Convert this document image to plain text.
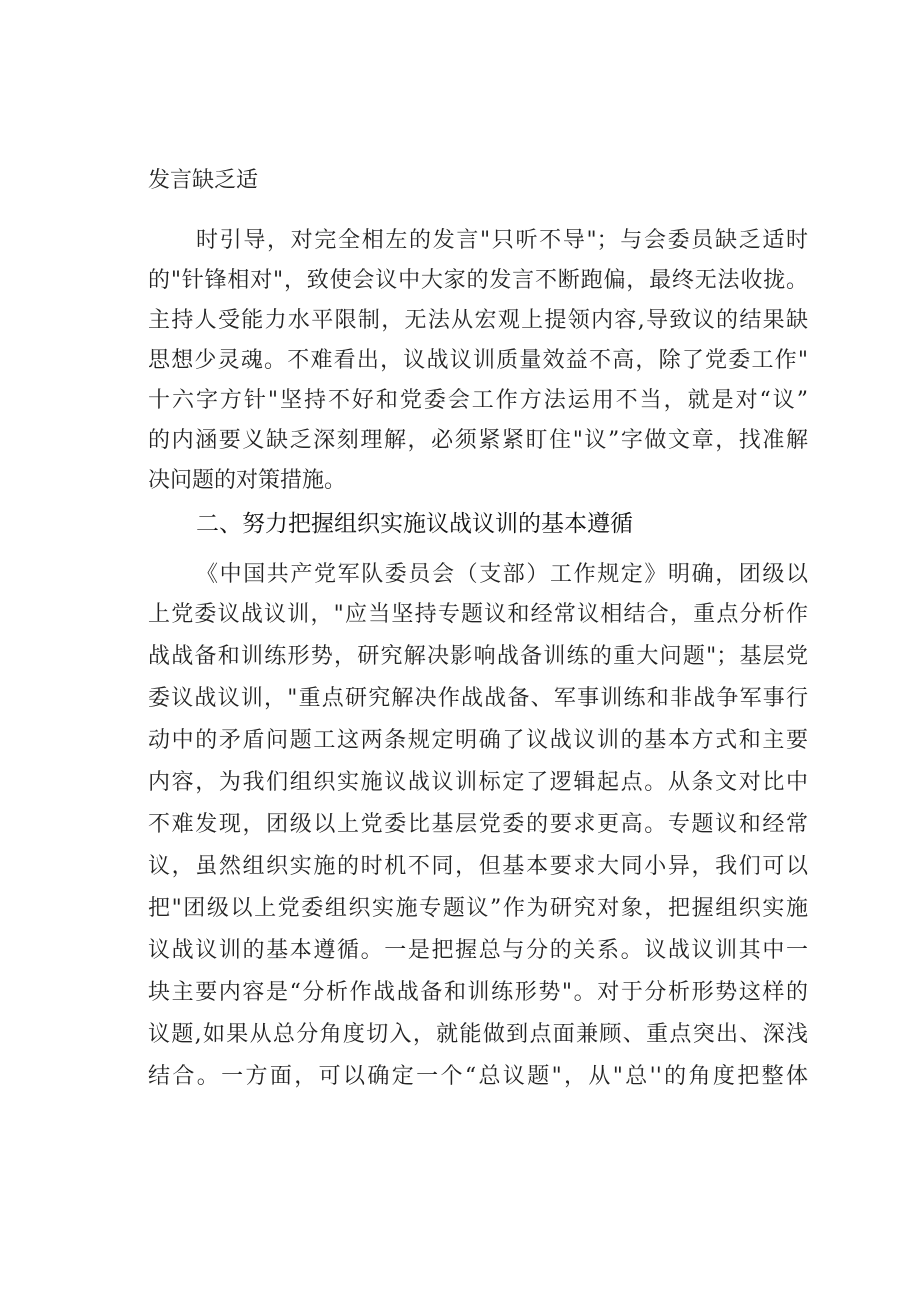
发言缺乏适
时引导，对完全相左的发言"只听不导"；与会委员缺乏适时
的"针锋相对"，致使会议中大家的发言不断跑偏，最终无法收拢。
主持人受能力水平限制，无法从宏观上提领内容,导致议的结果缺
思想少灵魂。不难看出，议战议训质量效益不高，除了党委工作"
十六字方针"坚持不好和党委会工作方法运用不当，就是对“议”
的内涵要义缺乏深刻理解，必须紧紧盯住"议”字做文章，找准解
决问题的对策措施。
二、努力把握组织实施议战议训的基本遵循
《中国共产党军队委员会（支部）工作规定》明确，团级以
上党委议战议训，"应当坚持专题议和经常议相结合，重点分析作
战战备和训练形势，研究解决影响战备训练的重大问题"；基层党
委议战议训，"重点研究解决作战战备、军事训练和非战争军事行
动中的矛盾问题工这两条规定明确了议战议训的基本方式和主要
内容，为我们组织实施议战议训标定了逻辑起点。从条文对比中
不难发现，团级以上党委比基层党委的要求更高。专题议和经常
议，虽然组织实施的时机不同，但基本要求大同小异，我们可以
把"团级以上党委组织实施专题议”作为研究对象，把握组织实施
议战议训的基本遵循。一是把握总与分的关系。议战议训其中一
块主要内容是“分析作战战备和训练形势"。对于分析形势这样的
议题,如果从总分角度切入，就能做到点面兼顾、重点突出、深浅
结合。一方面，可以确定一个“总议题"，从"总''的角度把整体
